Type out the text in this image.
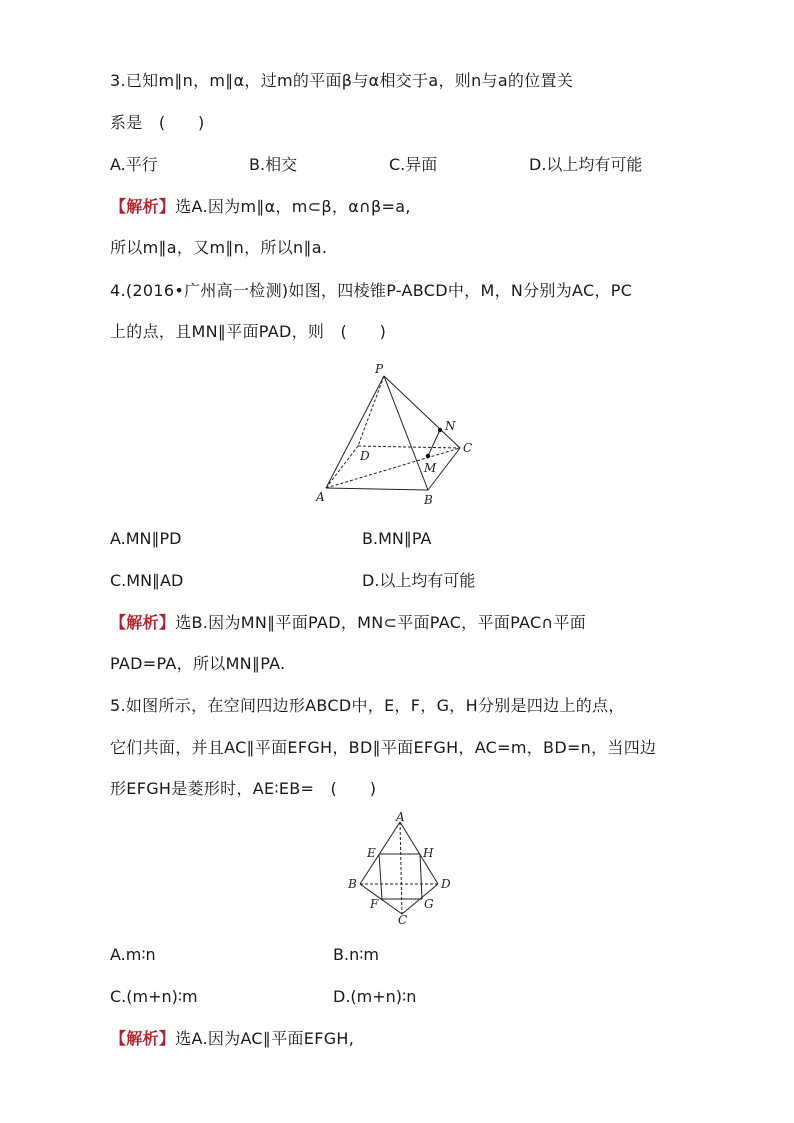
3.已知m∥n，m∥α，过m的平面β与α相交于a，则n与a的位置关
系是　(　　)
A.平行	B.相交	C.异面	D.以上均有可能
【解析】选A.因为m∥α，m⊂β，α∩β=a,
所以m∥a，又m∥n，所以n∥a.
4.(2016•广州高一检测)如图，四棱锥P-ABCD中，M，N分别为AC，PC
上的点，且MN∥平面PAD，则　(　　)
P
N
C
D
M
A	B
A.MN∥PD	B.MN∥PA
C.MN∥AD	D.以上均有可能
【解析】选B.因为MN∥平面PAD，MN⊂平面PAC，平面PAC∩平面
PAD=PA，所以MN∥PA.
5.如图所示，在空间四边形ABCD中，E，F，G，H分别是四边上的点，
它们共面，并且AC∥平面EFGH，BD∥平面EFGH，AC=m，BD=n，当四边
形EFGH是菱形时，AE∶EB=　(　　)
A
E	H
B	D
F	G
C
A.m∶n	B.n∶m
C.(m+n)∶m	D.(m+n)∶n
【解析】选A.因为AC∥平面EFGH,
